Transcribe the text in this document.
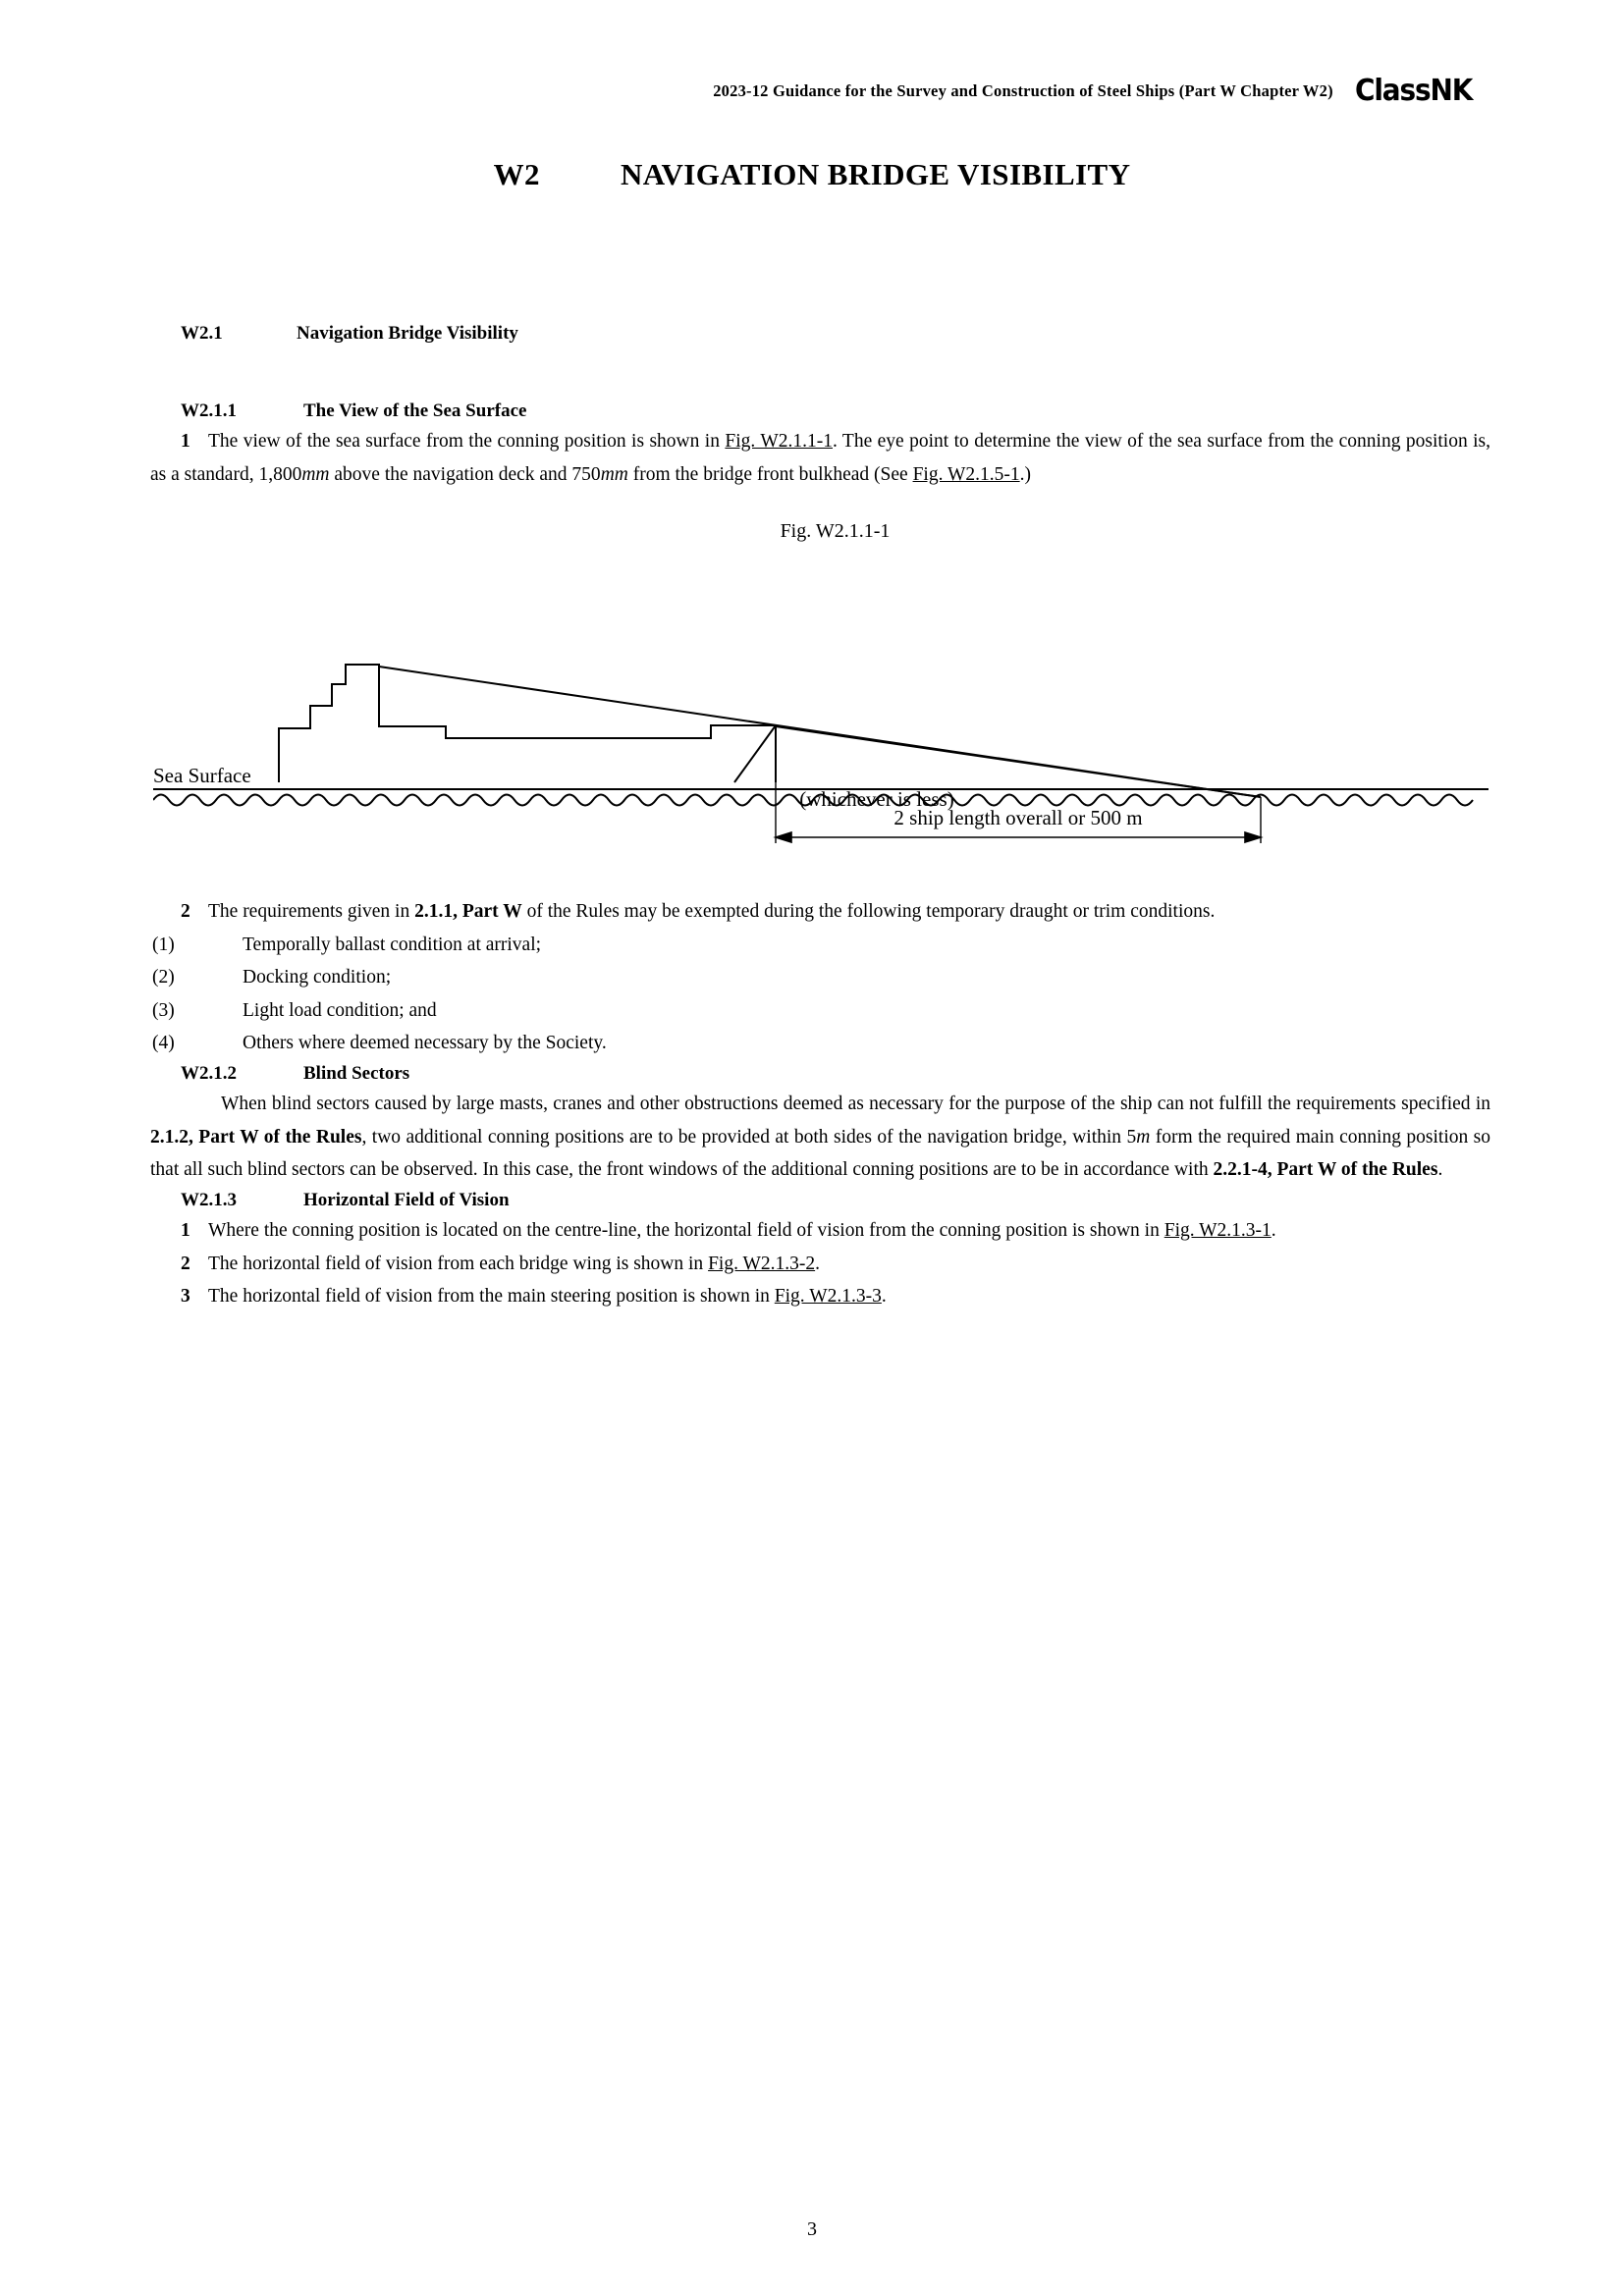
2023-12 Guidance for the Survey and Construction of Steel Ships (Part W Chapter W2) ClassNK
W2	NAVIGATION BRIDGE VISIBILITY
W2.1	Navigation Bridge Visibility
W2.1.1	The View of the Sea Surface

1 The view of the sea surface from the conning position is shown in Fig. W2.1.1-1. The eye point to determine the view of the sea surface from the conning position is, as a standard, 1,800mm above the navigation deck and 750mm from the bridge front bulkhead (See Fig. W2.1.5-1.)

Fig. W2.1.1-1
Sea Surface
2 ship length overall or 500 m
(whichever is less)

2 The requirements given in 2.1.1, Part W of the Rules may be exempted during the following temporary draught or trim conditions.

(1)	Temporally ballast condition at arrival;
(2)	Docking condition;
(3)	Light load condition; and
(4)	Others where deemed necessary by the Society.
W2.1.2	Blind Sectors

When blind sectors caused by large masts, cranes and other obstructions deemed as necessary for the purpose of the ship can not fulfill the requirements specified in 2.1.2, Part W of the Rules, two additional conning positions are to be provided at both sides of the navigation bridge, within 5m form the required main conning position so that all such blind sectors can be observed. In this case, the front windows of the additional conning positions are to be in accordance with 2.2.1-4, Part W of the Rules.

W2.1.3	Horizontal Field of Vision

1 Where the conning position is located on the centre-line, the horizontal field of vision from the conning position is shown in Fig. W2.1.3-1.

2 The horizontal field of vision from each bridge wing is shown in Fig. W2.1.3-2.

3 The horizontal field of vision from the main steering position is shown in Fig. W2.1.3-3.

3
